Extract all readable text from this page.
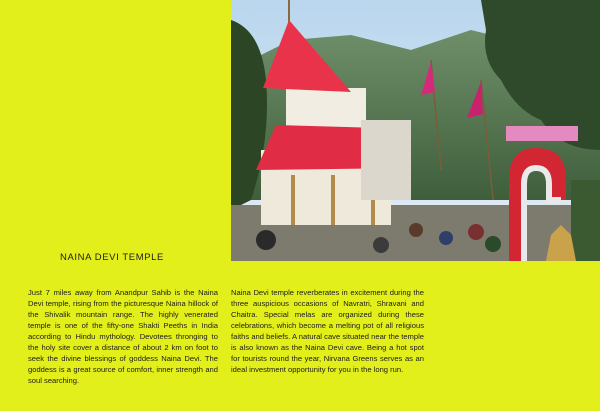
NAINA DEVI TEMPLE

Just 7 miles away from Anandpur Sahib is the Naina Devi temple, rising from the picturesque Naina hillock of the Shivalik mountain range. The highly venerated temple is one of the fifty-one Shakti Peeths in India according to Hindu mythology. Devotees thronging to the holy site cover a distance of about 2 km on foot to seek the divine blessings of goddess Naina Devi. The goddess is a great source of comfort, inner strength and soul searching.

Naina Devi temple reverberates in excitement during the three auspicious occasions of Navratri, Shravani and Chaitra. Special melas are organized during these celebrations, which become a melting pot of all religious faiths and beliefs. A natural cave situated near the temple is also known as the Naina Devi cave. Being a hot spot for tourists round the year, Nirvana Greens serves as an ideal investment opportunity for you in the long run.
